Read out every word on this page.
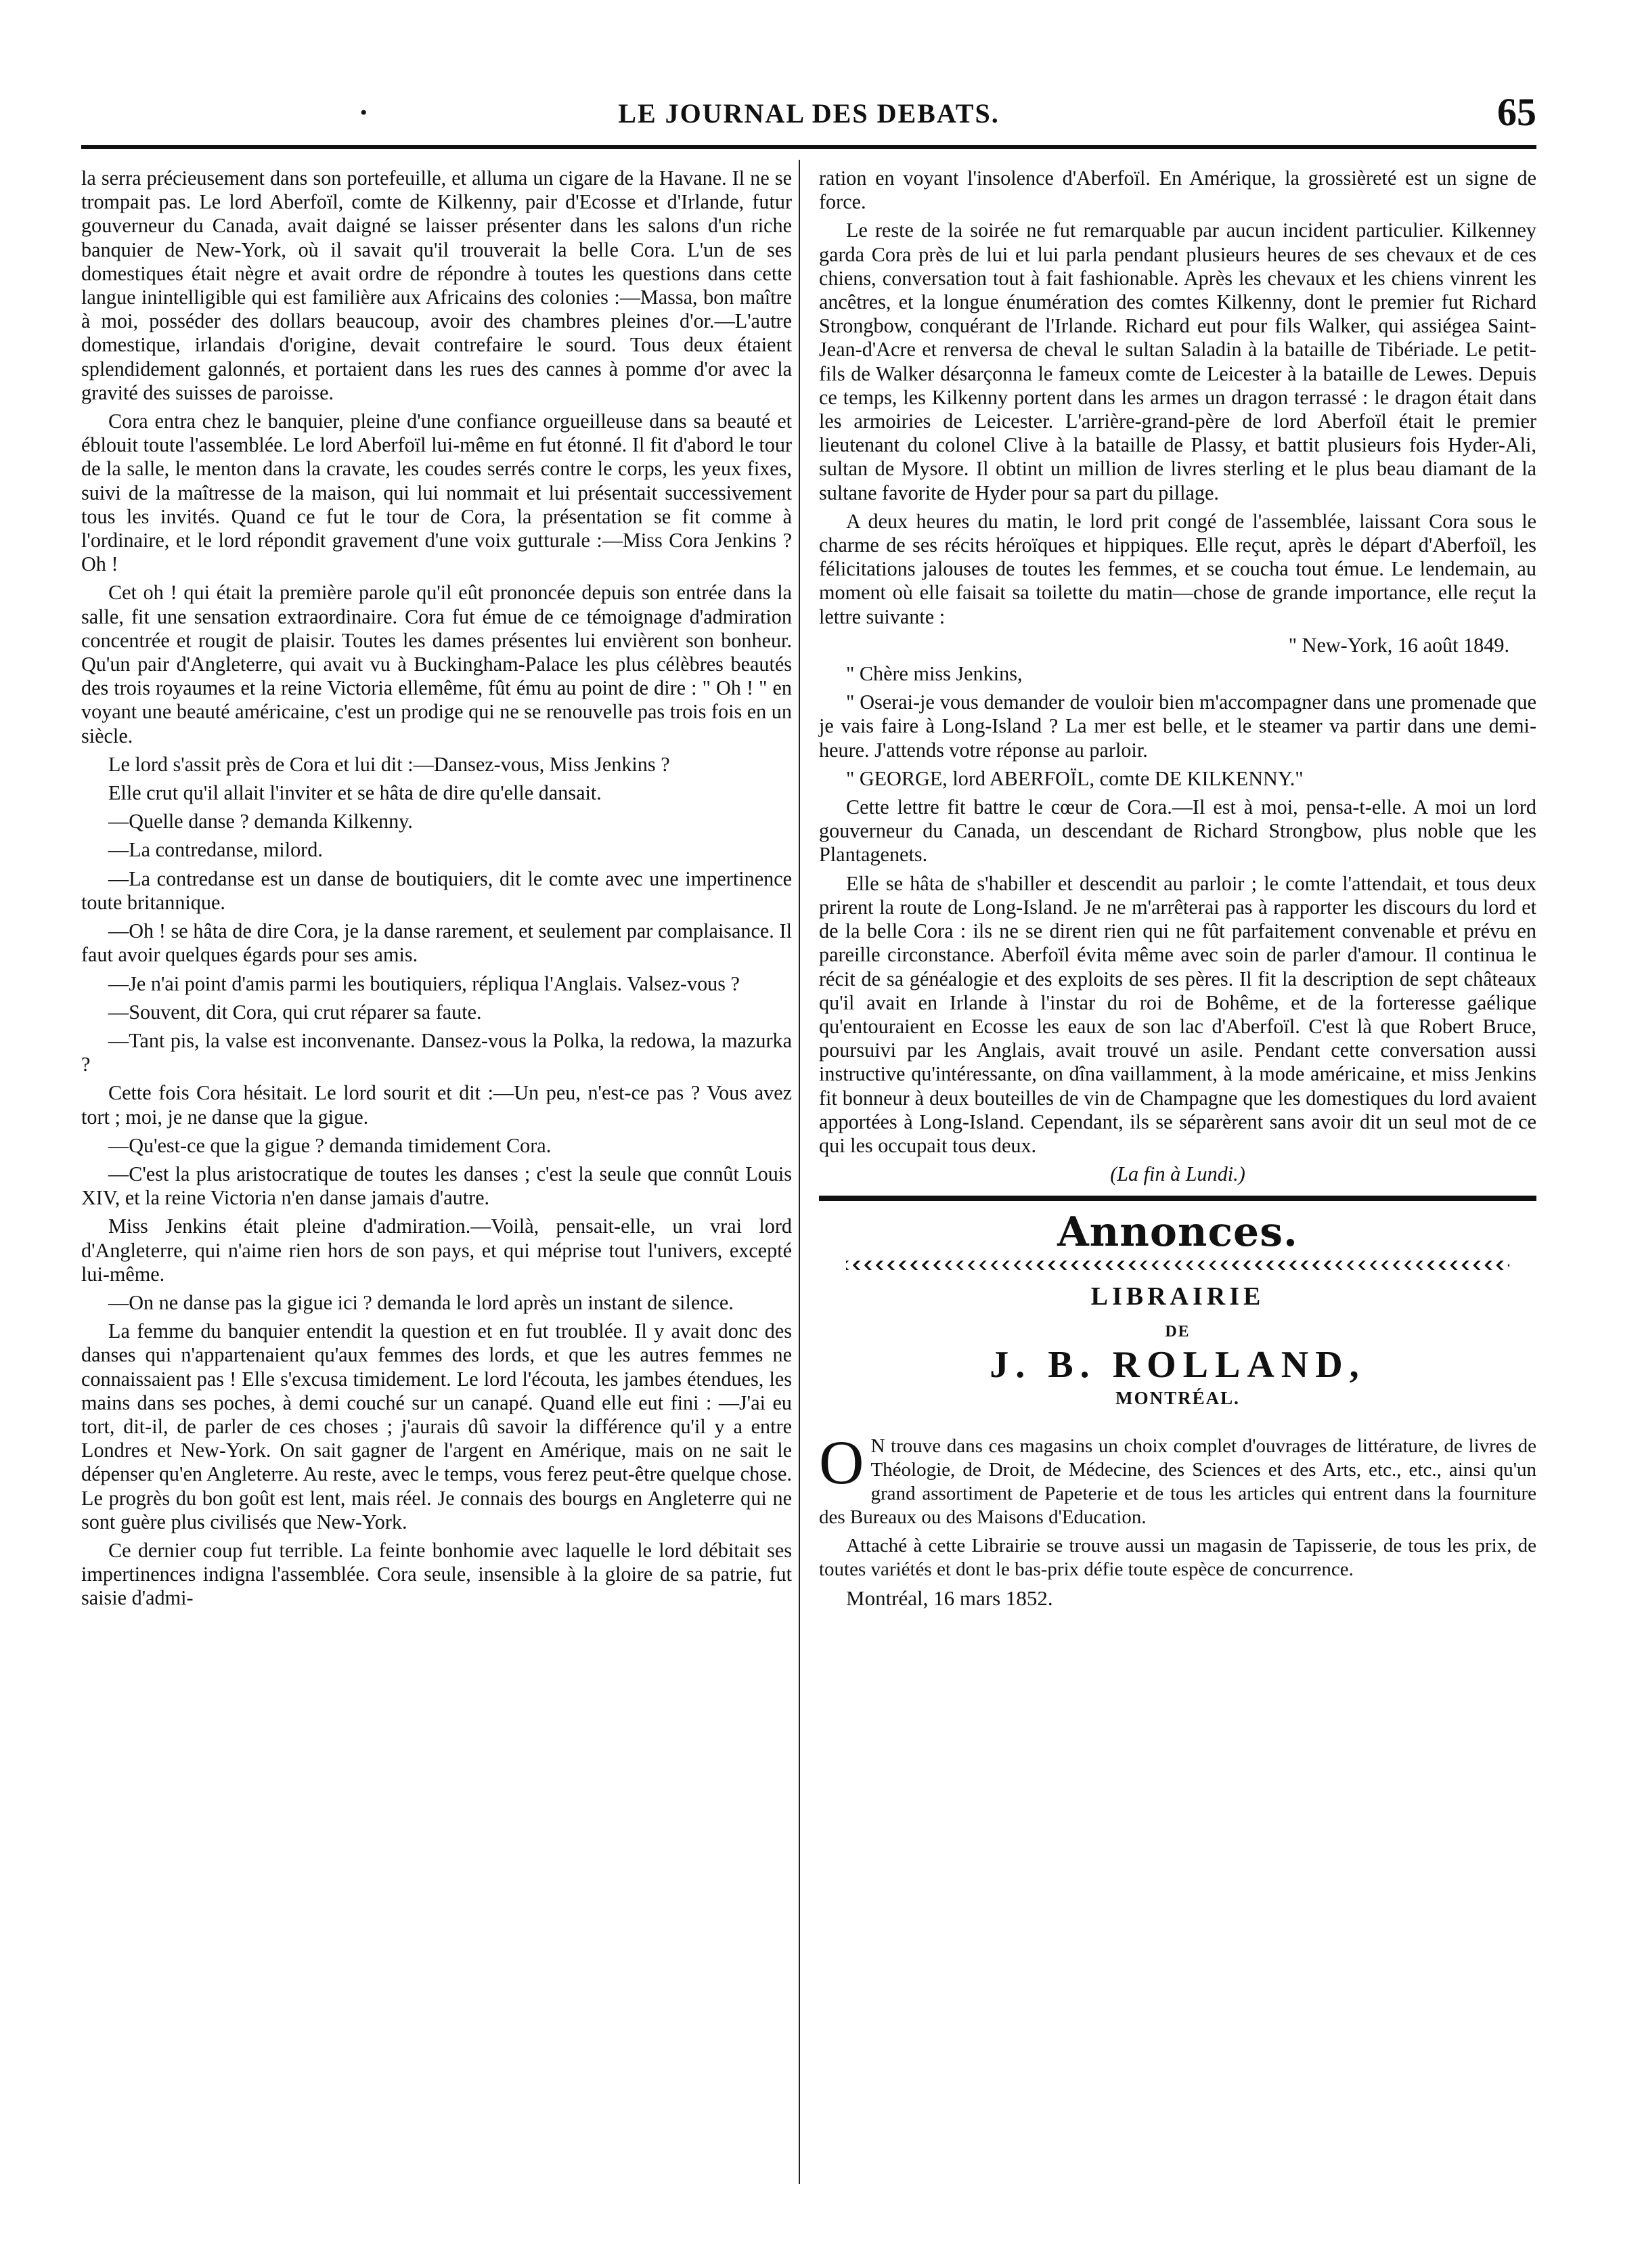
•	LE JOURNAL DES DEBATS.	65

la serra précieusement dans son portefeuille, et alluma un cigare de la Havane. Il ne se trompait pas. Le lord Aberfoïl, comte de Kilkenny, pair d'Ecosse et d'Irlande, futur gouverneur du Canada, avait daigné se laisser présenter dans les salons d'un riche banquier de New-York, où il savait qu'il trouverait la belle Cora. L'un de ses domestiques était nègre et avait ordre de répondre à toutes les questions dans cette langue inintelligible qui est familière aux Africains des colonies :—Massa, bon maître à moi, posséder des dollars beaucoup, avoir des chambres pleines d'or.—L'autre domestique, irlandais d'origine, devait contrefaire le sourd. Tous deux étaient splendidement galonnés, et portaient dans les rues des cannes à pomme d'or avec la gravité des suisses de paroisse.

Cora entra chez le banquier, pleine d'une confiance orgueilleuse dans sa beauté et éblouit toute l'assemblée. Le lord Aberfoïl lui-même en fut étonné. Il fit d'abord le tour de la salle, le menton dans la cravate, les coudes serrés contre le corps, les yeux fixes, suivi de la maîtresse de la maison, qui lui nommait et lui présentait successivement tous les invités. Quand ce fut le tour de Cora, la présentation se fit comme à l'ordinaire, et le lord répondit gravement d'une voix gutturale :—Miss Cora Jenkins ? Oh !

Cet oh ! qui était la première parole qu'il eût prononcée depuis son entrée dans la salle, fit une sensation extraordinaire. Cora fut émue de ce témoignage d'admiration concentrée et rougit de plaisir. Toutes les dames présentes lui envièrent son bonheur. Qu'un pair d'Angleterre, qui avait vu à Buckingham-Palace les plus célèbres beautés des trois royaumes et la reine Victoria ellemême, fût ému au point de dire : " Oh ! " en voyant une beauté américaine, c'est un prodige qui ne se renouvelle pas trois fois en un siècle.

Le lord s'assit près de Cora et lui dit :—Dansez-vous, Miss Jenkins ?

Elle crut qu'il allait l'inviter et se hâta de dire qu'elle dansait.

—Quelle danse ? demanda Kilkenny.

—La contredanse, milord.

—La contredanse est un danse de boutiquiers, dit le comte avec une impertinence toute britannique.

—Oh ! se hâta de dire Cora, je la danse rarement, et seulement par complaisance. Il faut avoir quelques égards pour ses amis.

—Je n'ai point d'amis parmi les boutiquiers, répliqua l'Anglais. Valsez-vous ?

—Souvent, dit Cora, qui crut réparer sa faute.

—Tant pis, la valse est inconvenante. Dansez-vous la Polka, la redowa, la mazurka ?

Cette fois Cora hésitait. Le lord sourit et dit :—Un peu, n'est-ce pas ? Vous avez tort ; moi, je ne danse que la gigue.

—Qu'est-ce que la gigue ? demanda timidement Cora.

—C'est la plus aristocratique de toutes les danses ; c'est la seule que connût Louis XIV, et la reine Victoria n'en danse jamais d'autre.

Miss Jenkins était pleine d'admiration.—Voilà, pensait-elle, un vrai lord d'Angleterre, qui n'aime rien hors de son pays, et qui méprise tout l'univers, excepté lui-même.

—On ne danse pas la gigue ici ? demanda le lord après un instant de silence.

La femme du banquier entendit la question et en fut troublée. Il y avait donc des danses qui n'appartenaient qu'aux femmes des lords, et que les autres femmes ne connaissaient pas ! Elle s'excusa timidement. Le lord l'écouta, les jambes étendues, les mains dans ses poches, à demi couché sur un canapé. Quand elle eut fini : —J'ai eu tort, dit-il, de parler de ces choses ; j'aurais dû savoir la différence qu'il y a entre Londres et New-York. On sait gagner de l'argent en Amérique, mais on ne sait le dépenser qu'en Angleterre. Au reste, avec le temps, vous ferez peut-être quelque chose. Le progrès du bon goût est lent, mais réel. Je connais des bourgs en Angleterre qui ne sont guère plus civilisés que New-York.

Ce dernier coup fut terrible. La feinte bonhomie avec laquelle le lord débitait ses impertinences indigna l'assemblée. Cora seule, insensible à la gloire de sa patrie, fut saisie d'admi-

ration en voyant l'insolence d'Aberfoïl. En Amérique, la grossièreté est un signe de force.

Le reste de la soirée ne fut remarquable par aucun incident particulier. Kilkenney garda Cora près de lui et lui parla pendant plusieurs heures de ses chevaux et de ces chiens, conversation tout à fait fashionable. Après les chevaux et les chiens vinrent les ancêtres, et la longue énumération des comtes Kilkenny, dont le premier fut Richard Strongbow, conquérant de l'Irlande. Richard eut pour fils Walker, qui assiégea Saint-Jean-d'Acre et renversa de cheval le sultan Saladin à la bataille de Tibériade. Le petit-fils de Walker désarçonna le fameux comte de Leicester à la bataille de Lewes. Depuis ce temps, les Kilkenny portent dans les armes un dragon terrassé : le dragon était dans les armoiries de Leicester. L'arrière-grand-père de lord Aberfoïl était le premier lieutenant du colonel Clive à la bataille de Plassy, et battit plusieurs fois Hyder-Ali, sultan de Mysore. Il obtint un million de livres sterling et le plus beau diamant de la sultane favorite de Hyder pour sa part du pillage.

A deux heures du matin, le lord prit congé de l'assemblée, laissant Cora sous le charme de ses récits héroïques et hippiques. Elle reçut, après le départ d'Aberfoïl, les félicitations jalouses de toutes les femmes, et se coucha tout émue. Le lendemain, au moment où elle faisait sa toilette du matin—chose de grande importance, elle reçut la lettre suivante :

" New-York, 16 août 1849.

" Chère miss Jenkins,

" Oserai-je vous demander de vouloir bien m'accompagner dans une promenade que je vais faire à Long-Island ? La mer est belle, et le steamer va partir dans une demi-heure. J'attends votre réponse au parloir.

" GEORGE, lord ABERFOÏL, comte DE KILKENNY."

Cette lettre fit battre le cœur de Cora.—Il est à moi, pensa-t-elle. A moi un lord gouverneur du Canada, un descendant de Richard Strongbow, plus noble que les Plantagenets.

Elle se hâta de s'habiller et descendit au parloir ; le comte l'attendait, et tous deux prirent la route de Long-Island. Je ne m'arrêterai pas à rapporter les discours du lord et de la belle Cora : ils ne se dirent rien qui ne fût parfaitement convenable et prévu en pareille circonstance. Aberfoïl évita même avec soin de parler d'amour. Il continua le récit de sa généalogie et des exploits de ses pères. Il fit la description de sept châteaux qu'il avait en Irlande à l'instar du roi de Bohême, et de la forteresse gaélique qu'entouraient en Ecosse les eaux de son lac d'Aberfoïl. C'est là que Robert Bruce, poursuivi par les Anglais, avait trouvé un asile. Pendant cette conversation aussi instructive qu'intéressante, on dîna vaillamment, à la mode américaine, et miss Jenkins fit bonneur à deux bouteilles de vin de Champagne que les domestiques du lord avaient apportées à Long-Island. Cependant, ils se séparèrent sans avoir dit un seul mot de ce qui les occupait tous deux.

(La fin à Lundi.)

Annonces.
LIBRAIRIE
DE
J. B. ROLLAND,
MONTRÉAL.

O N trouve dans ces magasins un choix complet d'ouvrages de littérature, de livres de Théologie, de Droit, de Médecine, des Sciences et des Arts, etc., etc., ainsi qu'un grand assortiment de Papeterie et de tous les articles qui entrent dans la fourniture des Bureaux ou des Maisons d'Education.

Attaché à cette Librairie se trouve aussi un magasin de Tapisserie, de tous les prix, de toutes variétés et dont le bas-prix défie toute espèce de concurrence.

Montréal, 16 mars 1852.
